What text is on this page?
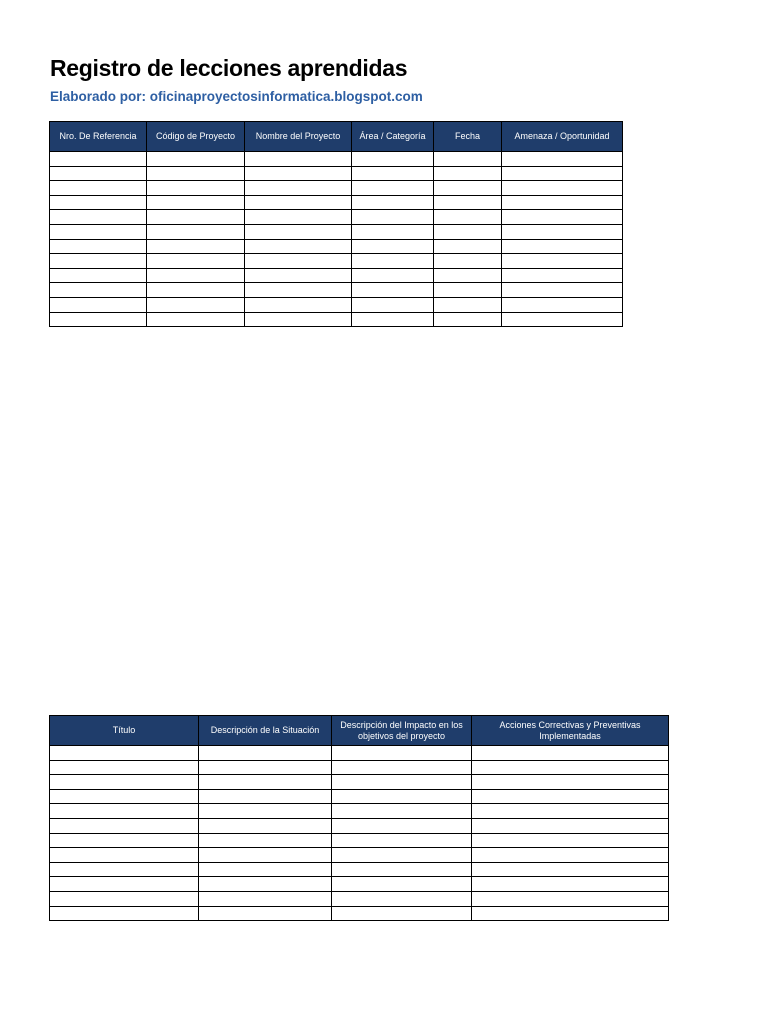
Registro de lecciones aprendidas
Elaborado por: oficinaproyectosinformatica.blogspot.com
Nro. De Referencia	Código de Proyecto	Nombre del Proyecto	Área / Categoría	Fecha	Amenaza / Oportunidad

Título	Descripción de la Situación	Descripción del Impacto en los objetivos del proyecto	Acciones Correctivas y Preventivas Implementadas
